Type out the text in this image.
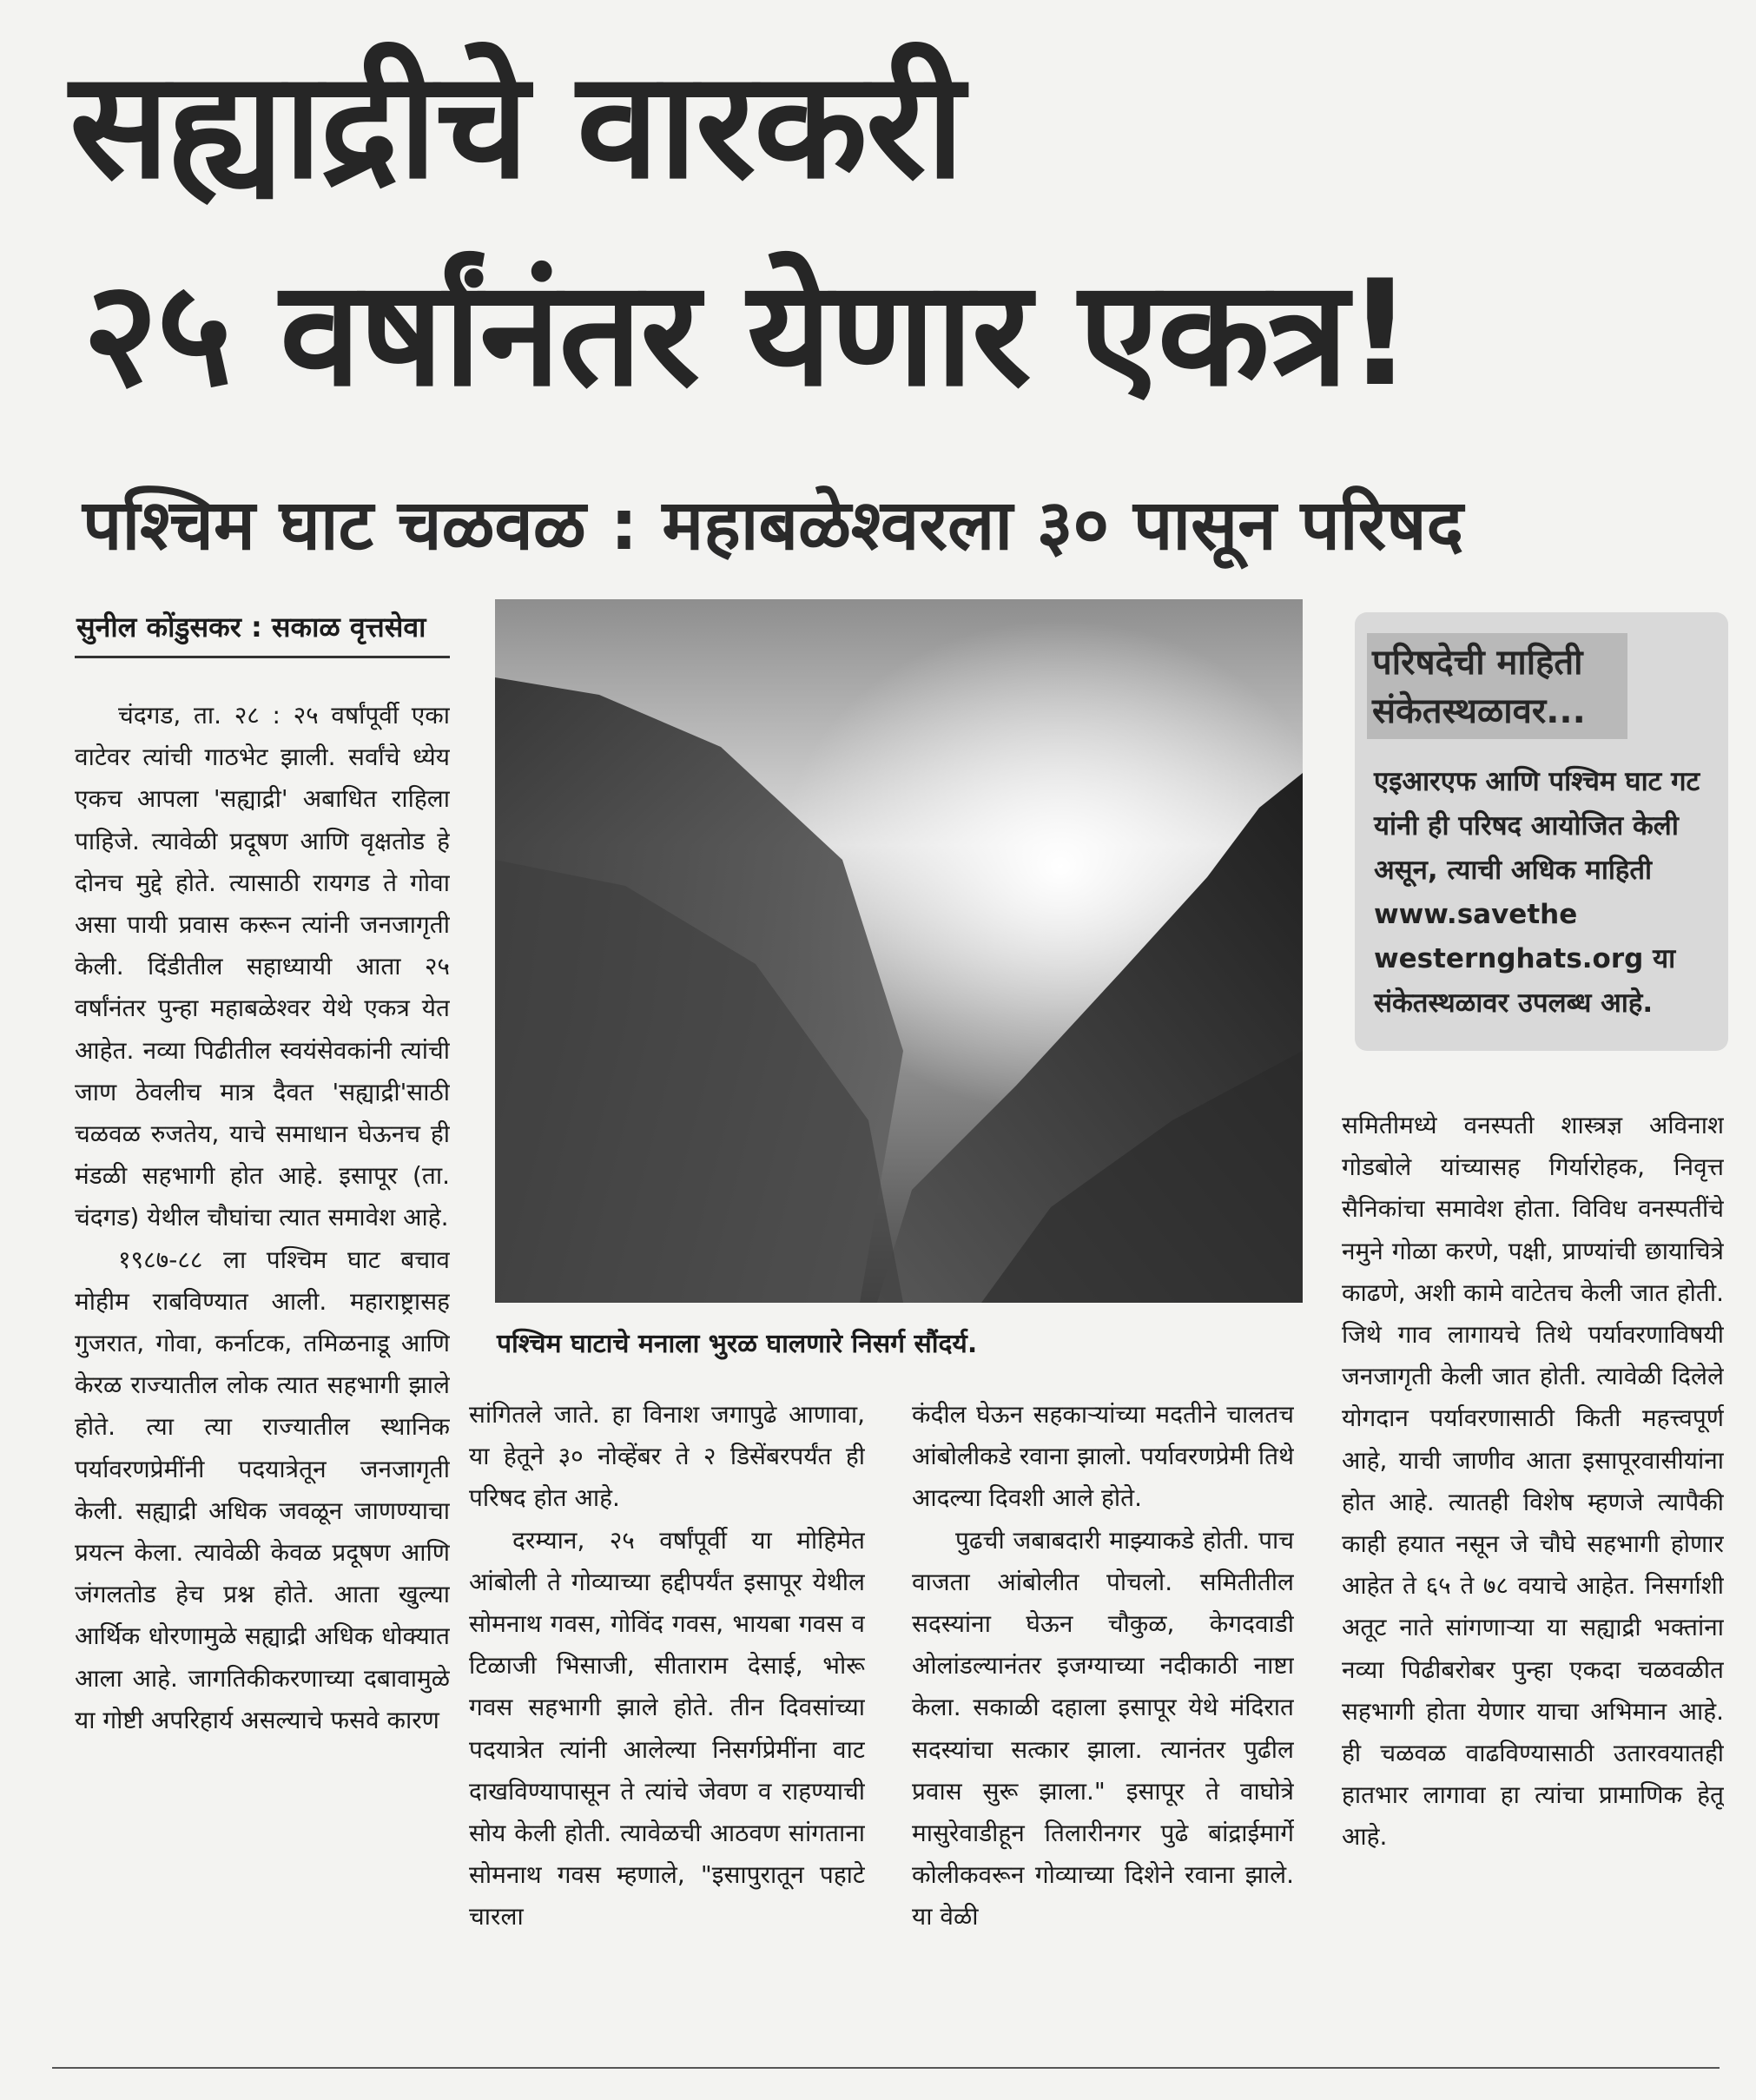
सह्याद्रीचे वारकरी
२५ वर्षांनंतर येणार एकत्र!
पश्चिम घाट चळवळ : महाबळेश्वरला ३० पासून परिषद
सुनील कोंडुसकर : सकाळ वृत्तसेवा

चंदगड, ता. २८ : २५ वर्षांपूर्वी एका वाटेवर त्यांची गाठभेट झाली. सर्वांचे ध्येय एकच आपला 'सह्याद्री' अबाधित राहिला पाहिजे. त्यावेळी प्रदूषण आणि वृक्षतोड हे दोनच मुद्दे होते. त्यासाठी रायगड ते गोवा असा पायी प्रवास करून त्यांनी जनजागृती केली. दिंडीतील सहाध्यायी आता २५ वर्षांनंतर पुन्हा महाबळेश्वर येथे एकत्र येत आहेत. नव्या पिढीतील स्वयंसेवकांनी त्यांची जाण ठेवलीच मात्र दैवत 'सह्याद्री'साठी चळवळ रुजतेय, याचे समाधान घेऊनच ही मंडळी सहभागी होत आहे. इसापूर (ता. चंदगड) येथील चौघांचा त्यात समावेश आहे.

१९८७-८८ ला पश्चिम घाट बचाव मोहीम राबविण्यात आली. महाराष्ट्रासह गुजरात, गोवा, कर्नाटक, तमिळनाडू आणि केरळ राज्यातील लोक त्यात सहभागी झाले होते. त्या त्या राज्यातील स्थानिक पर्यावरणप्रेमींनी पदयात्रेतून जनजागृती केली. सह्याद्री अधिक जवळून जाणण्याचा प्रयत्न केला. त्यावेळी केवळ प्रदूषण आणि जंगलतोड हेच प्रश्न होते. आता खुल्या आर्थिक धोरणामुळे सह्याद्री अधिक धोक्यात आला आहे. जागतिकीकरणाच्या दबावामुळे या गोष्टी अपरिहार्य असल्याचे फसवे कारण

पश्चिम घाटाचे मनाला भुरळ घालणारे निसर्ग सौंदर्य.
परिषदेची माहिती संकेतस्थळावर...
एइआरएफ आणि पश्चिम घाट गट यांनी ही परिषद आयोजित केली असून, त्याची अधिक माहिती www.savethe westernghats.org या संकेतस्थळावर उपलब्ध आहे.

सांगितले जाते. हा विनाश जगापुढे आणावा, या हेतूने ३० नोव्हेंबर ते २ डिसेंबरपर्यंत ही परिषद होत आहे.

दरम्यान, २५ वर्षांपूर्वी या मोहिमेत आंबोली ते गोव्याच्या हद्दीपर्यंत इसापूर येथील सोमनाथ गवस, गोविंद गवस, भायबा गवस व टिळाजी भिसाजी, सीताराम देसाई, भोरू गवस सहभागी झाले होते. तीन दिवसांच्या पदयात्रेत त्यांनी आलेल्या निसर्गप्रेमींना वाट दाखविण्यापासून ते त्यांचे जेवण व राहण्याची सोय केली होती. त्यावेळची आठवण सांगताना सोमनाथ गवस म्हणाले, "इसापुरातून पहाटे चारला

कंदील घेऊन सहकाऱ्यांच्या मदतीने चालतच आंबोलीकडे रवाना झालो. पर्यावरणप्रेमी तिथे आदल्या दिवशी आले होते.

पुढची जबाबदारी माझ्याकडे होती. पाच वाजता आंबोलीत पोचलो. समितीतील सदस्यांना घेऊन चौकुळ, केगदवाडी ओलांडल्यानंतर इजग्याच्या नदीकाठी नाष्टा केला. सकाळी दहाला इसापूर येथे मंदिरात सदस्यांचा सत्कार झाला. त्यानंतर पुढील प्रवास सुरू झाला." इसापूर ते वाघोत्रे मासुरेवाडीहून तिलारीनगर पुढे बांद्राईमार्गे कोलीकवरून गोव्याच्या दिशेने रवाना झाले. या वेळी

समितीमध्ये वनस्पती शास्त्रज्ञ अविनाश गोडबोले यांच्यासह गिर्यारोहक, निवृत्त सैनिकांचा समावेश होता. विविध वनस्पतींचे नमुने गोळा करणे, पक्षी, प्राण्यांची छायाचित्रे काढणे, अशी कामे वाटेतच केली जात होती. जिथे गाव लागायचे तिथे पर्यावरणाविषयी जनजागृती केली जात होती. त्यावेळी दिलेले योगदान पर्यावरणासाठी किती महत्त्वपूर्ण आहे, याची जाणीव आता इसापूरवासीयांना होत आहे. त्यातही विशेष म्हणजे त्यापैकी काही हयात नसून जे चौघे सहभागी होणार आहेत ते ६५ ते ७८ वयाचे आहेत. निसर्गाशी अतूट नाते सांगणाऱ्या या सह्याद्री भक्तांना नव्या पिढीबरोबर पुन्हा एकदा चळवळीत सहभागी होता येणार याचा अभिमान आहे. ही चळवळ वाढविण्यासाठी उतारवयातही हातभार लागावा हा त्यांचा प्रामाणिक हेतू आहे.
